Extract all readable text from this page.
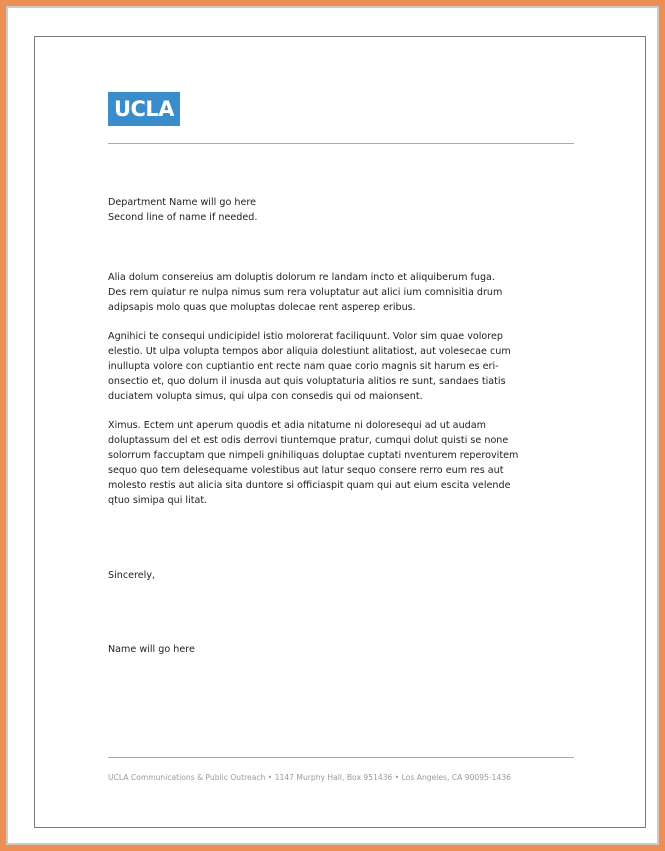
UCLA

Department Name will go here
Second line of name if needed.

Alia dolum consereius am doluptis dolorum re landam incto et aliquiberum fuga.
Des rem quiatur re nulpa nimus sum rera voluptatur aut alici ium comnisitia drum
adipsapis molo quas que moluptas dolecae rent asperep eribus.

Agnihici te consequi undicipidel istio molorerat faciliquunt. Volor sim quae volorep
elestio. Ut ulpa volupta tempos abor aliquia dolestiunt alitatiost, aut volesecae cum
inullupta volore con cuptiantio ent recte nam quae corio magnis sit harum es eri-
onsectio et, quo dolum il inusda aut quis voluptaturia alitios re sunt, sandaes tiatis
duciatem volupta simus, qui ulpa con consedis qui od maionsent.

Ximus. Ectem unt aperum quodis et adia nitatume ni doloresequi ad ut audam
doluptassum del et est odis derrovi tiuntemque pratur, cumqui dolut quisti se none
solorrum faccuptam que nimpeli gnihiliquas doluptae cuptati nventurem reperovitem
sequo quo tem delesequame volestibus aut latur sequo consere rerro eum res aut
molesto restis aut alicia sita duntore si officiaspit quam qui aut eium escita velende
qtuo simipa qui litat.

Sincerely,

Name will go here

UCLA Communications & Public Outreach • 1147 Murphy Hall, Box 951436 • Los Angeles, CA 90095-1436
